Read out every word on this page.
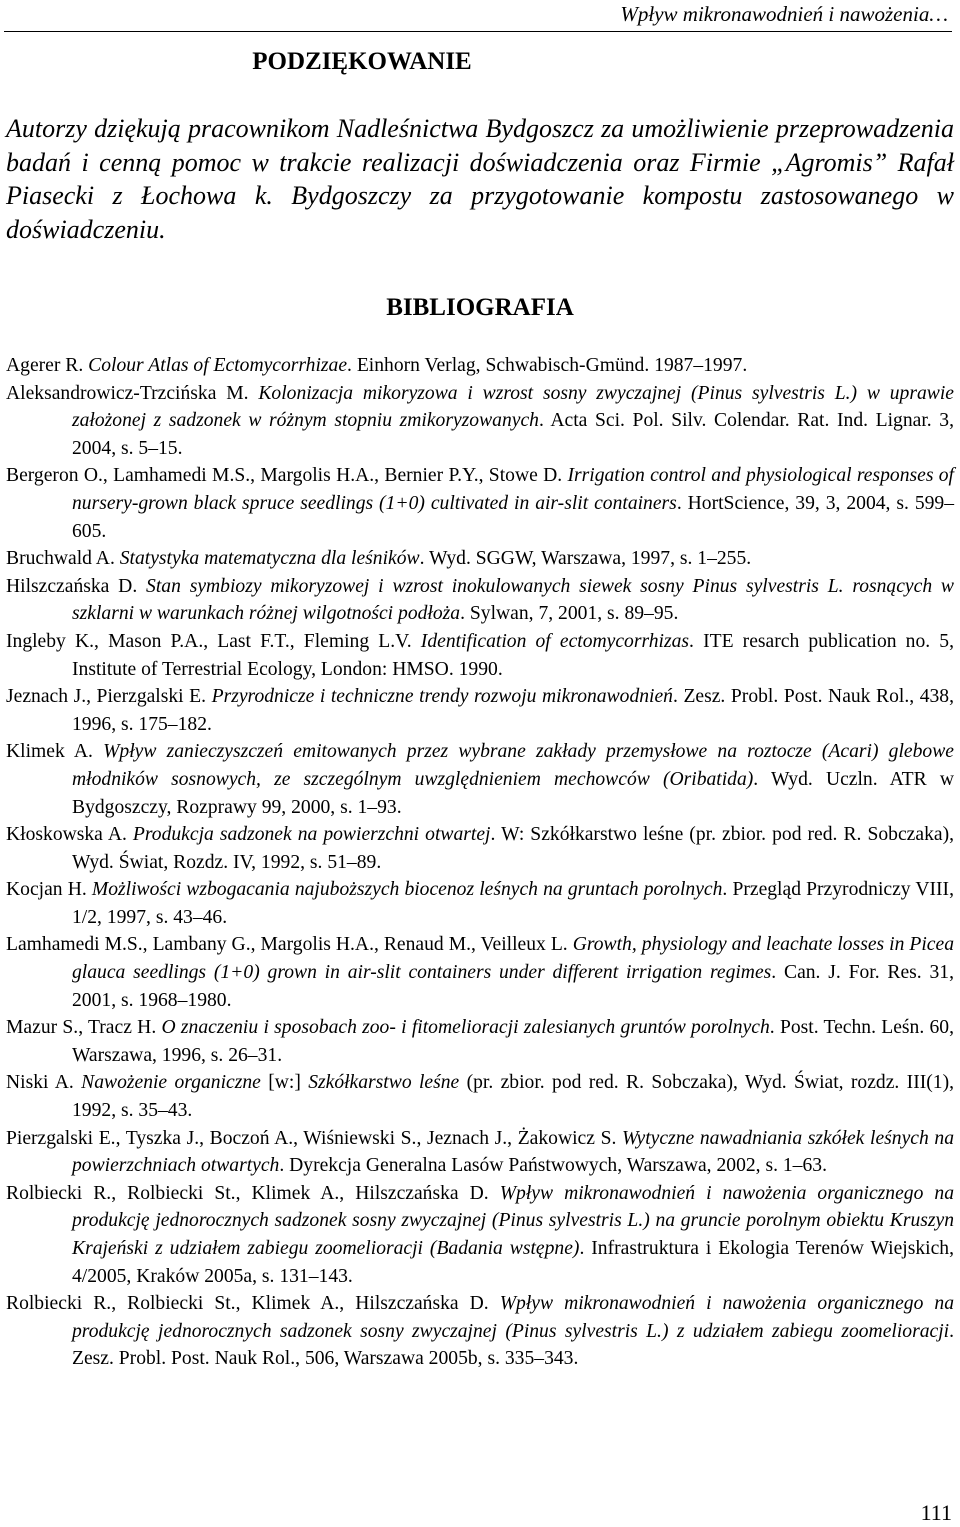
Wpływ mikronawodnień i nawożenia…
PODZIĘKOWANIE

Autorzy dziękują pracownikom Nadleśnictwa Bydgoszcz za umożliwienie przeprowadzenia badań i cenną pomoc w trakcie realizacji doświadczenia oraz Firmie „Agromis” Rafał Piasecki z Łochowa k. Bydgoszczy za przygotowanie kompostu zastosowanego w doświadczeniu.

BIBLIOGRAFIA
Agerer R. Colour Atlas of Ectomycorrhizae. Einhorn Verlag, Schwabisch-Gmünd. 1987–1997.
Aleksandrowicz-Trzcińska M. Kolonizacja mikoryzowa i wzrost sosny zwyczajnej (Pinus sylvestris L.) w uprawie założonej z sadzonek w różnym stopniu zmikoryzowanych. Acta Sci. Pol. Silv. Colendar. Rat. Ind. Lignar. 3, 2004, s. 5–15.
Bergeron O., Lamhamedi M.S., Margolis H.A., Bernier P.Y., Stowe D. Irrigation control and physiological responses of nursery-grown black spruce seedlings (1+0) cultivated in air-slit containers. HortScience, 39, 3, 2004, s. 599–605.
Bruchwald A. Statystyka matematyczna dla leśników. Wyd. SGGW, Warszawa, 1997, s. 1–255.
Hilszczańska D. Stan symbiozy mikoryzowej i wzrost inokulowanych siewek sosny Pinus sylvestris L. rosnących w szklarni w warunkach różnej wilgotności podłoża. Sylwan, 7, 2001, s. 89–95.
Ingleby K., Mason P.A., Last F.T., Fleming L.V. Identification of ectomycorrhizas. ITE resarch publication no. 5, Institute of Terrestrial Ecology, London: HMSO. 1990.
Jeznach J., Pierzgalski E. Przyrodnicze i techniczne trendy rozwoju mikronawodnień. Zesz. Probl. Post. Nauk Rol., 438, 1996, s. 175–182.
Klimek A. Wpływ zanieczyszczeń emitowanych przez wybrane zakłady przemysłowe na roztocze (Acari) glebowe młodników sosnowych, ze szczególnym uwzględnieniem mechowców (Oribatida). Wyd. Uczln. ATR w Bydgoszczy, Rozprawy 99, 2000, s. 1–93.
Kłoskowska A. Produkcja sadzonek na powierzchni otwartej. W: Szkółkarstwo leśne (pr. zbior. pod red. R. Sobczaka), Wyd. Świat, Rozdz. IV, 1992, s. 51–89.
Kocjan H. Możliwości wzbogacania najuboższych biocenoz leśnych na gruntach porolnych. Przegląd Przyrodniczy VIII, 1/2, 1997, s. 43–46.
Lamhamedi M.S., Lambany G., Margolis H.A., Renaud M., Veilleux L. Growth, physiology and leachate losses in Picea glauca seedlings (1+0) grown in air-slit containers under different irrigation regimes. Can. J. For. Res. 31, 2001, s. 1968–1980.
Mazur S., Tracz H. O znaczeniu i sposobach zoo- i fitomelioracji zalesianych gruntów porolnych. Post. Techn. Leśn. 60, Warszawa, 1996, s. 26–31.
Niski A. Nawożenie organiczne [w:] Szkółkarstwo leśne (pr. zbior. pod red. R. Sobczaka), Wyd. Świat, rozdz. III(1), 1992, s. 35–43.
Pierzgalski E., Tyszka J., Boczoń A., Wiśniewski S., Jeznach J., Żakowicz S. Wytyczne nawadniania szkółek leśnych na powierzchniach otwartych. Dyrekcja Generalna Lasów Państwowych, Warszawa, 2002, s. 1–63.
Rolbiecki R., Rolbiecki St., Klimek A., Hilszczańska D. Wpływ mikronawodnień i nawożenia organicznego na produkcję jednorocznych sadzonek sosny zwyczajnej (Pinus sylvestris L.) na gruncie porolnym obiektu Kruszyn Krajeński z udziałem zabiegu zoomelioracji (Badania wstępne). Infrastruktura i Ekologia Terenów Wiejskich, 4/2005, Kraków 2005a, s. 131–143.
Rolbiecki R., Rolbiecki St., Klimek A., Hilszczańska D. Wpływ mikronawodnień i nawożenia organicznego na produkcję jednorocznych sadzonek sosny zwyczajnej (Pinus sylvestris L.) z udziałem zabiegu zoomelioracji. Zesz. Probl. Post. Nauk Rol., 506, Warszawa 2005b, s. 335–343.
111
